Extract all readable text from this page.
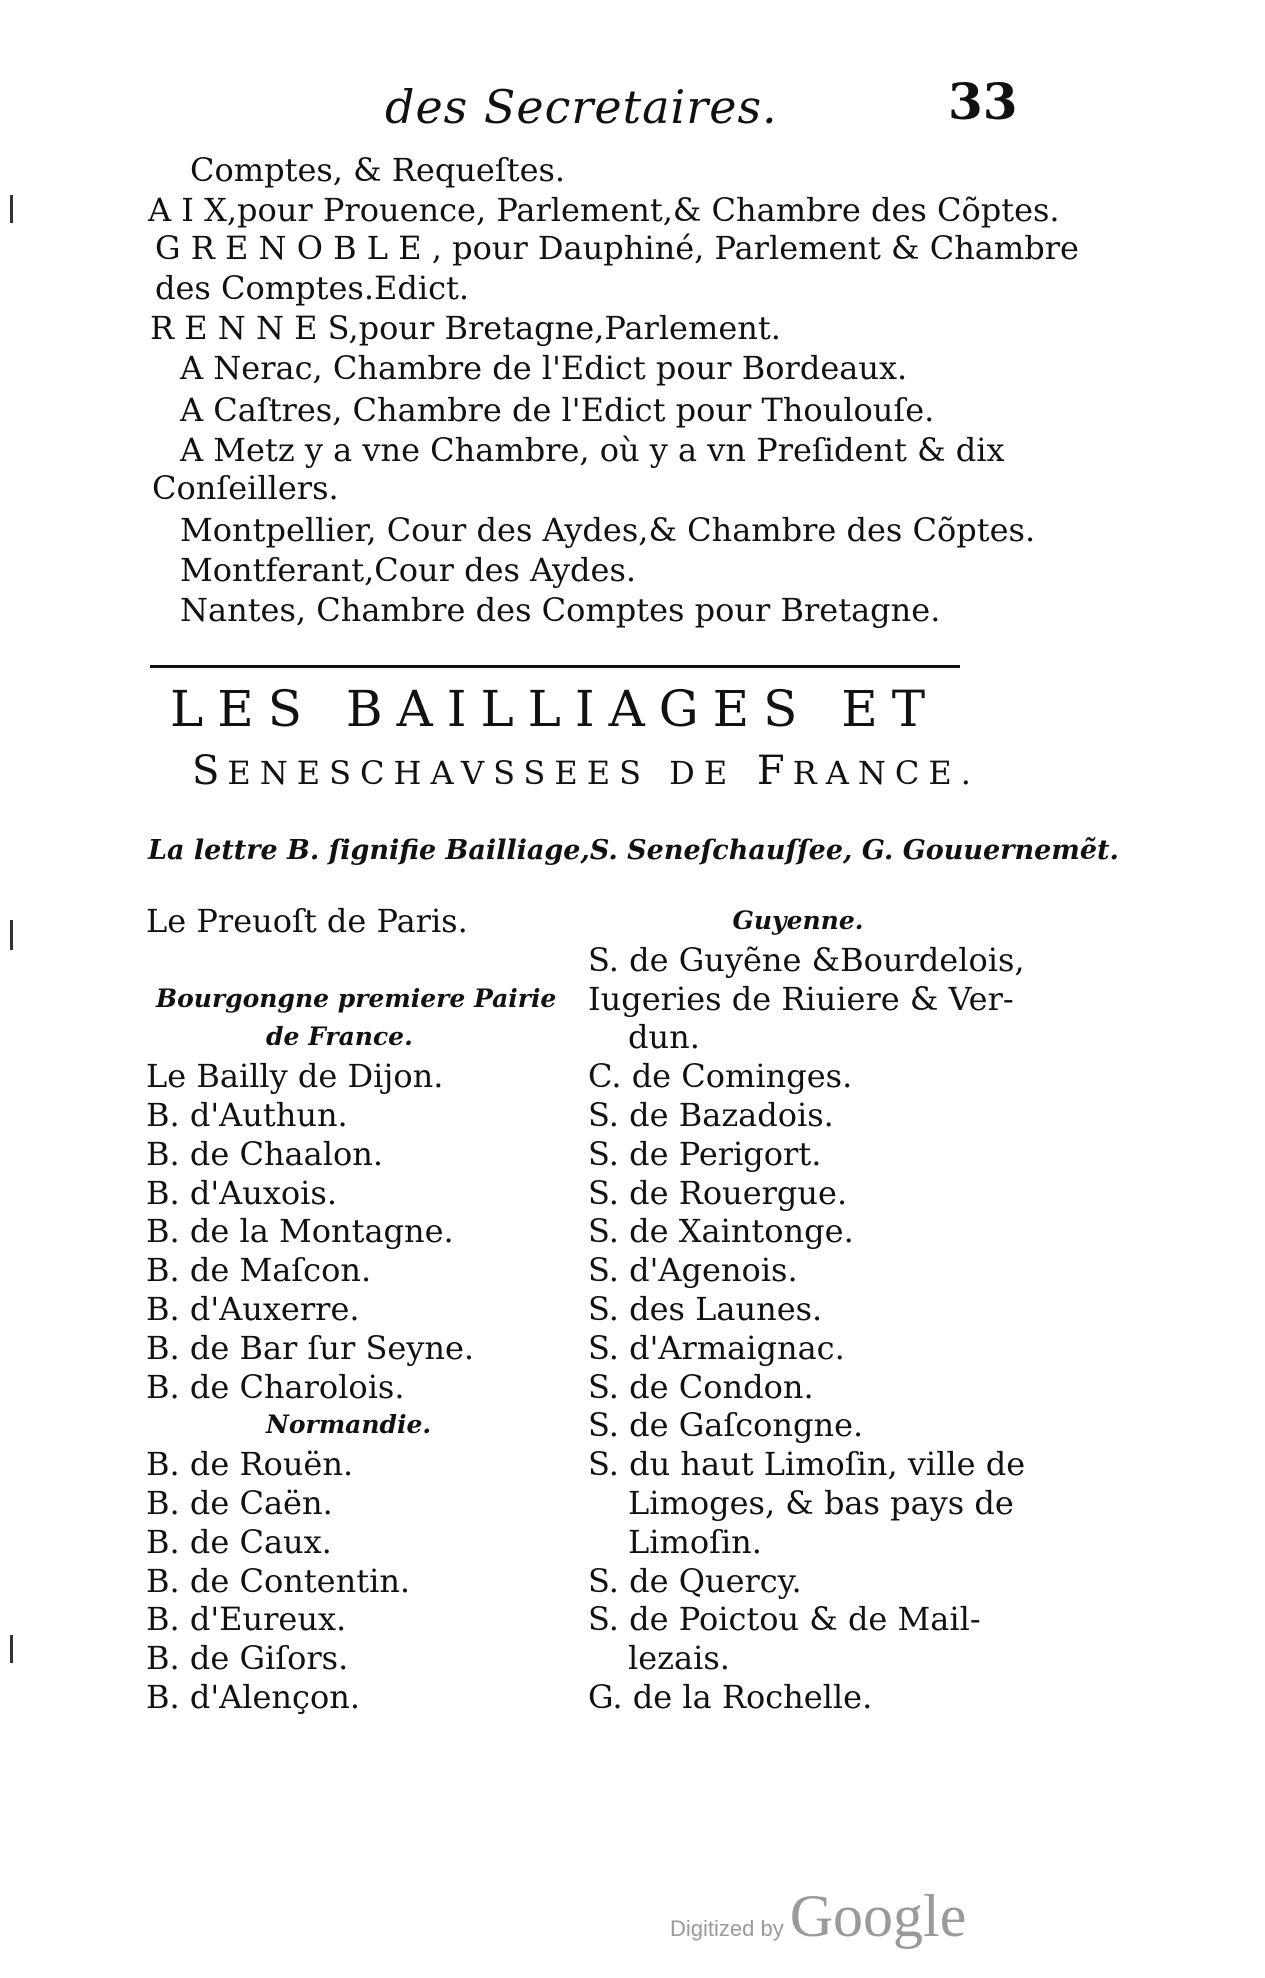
des Secretaires.	33
Comptes, & Requeſtes.
A I X,pour Prouence, Parlement,& Chambre des Cõptes.
G R E N O B L E , pour Dauphiné, Parlement & Chambre
des Comptes.Edict.
R E N N E S,pour Bretagne,Parlement.
A Nerac, Chambre de l'Edict pour Bordeaux.
A Caſtres, Chambre de l'Edict pour Thoulouſe.
A Metz y a vne Chambre, où y a vn Preſident & dix
Conſeillers.
Montpellier, Cour des Aydes,& Chambre des Cõptes.
Montferant,Cour des Aydes.
Nantes, Chambre des Comptes pour Bretagne.
LES BAILLIAGES ET
SENESCHAVSSEES DE FRANCE.
La lettre B. ſignifie Bailliage,S. Seneſchauſſee, G. Gouuernemẽt.
Le Preuoſt de Paris.
Bourgongne premiere Pairie
de France.
Le Bailly de Dijon.
B. d'Authun.
B. de Chaalon.
B. d'Auxois.
B. de la Montagne.
B. de Maſcon.
B. d'Auxerre.
B. de Bar ſur Seyne.
B. de Charolois.
Normandie.
B. de Rouën.
B. de Caën.
B. de Caux.
B. de Contentin.
B. d'Eureux.
B. de Giſors.
B. d'Alençon.
Guyenne.
S. de Guyẽne &Bourdelois,
Iugeries de Riuiere & Ver-
dun.
C. de Cominges.
S. de Bazadois.
S. de Perigort.
S. de Rouergue.
S. de Xaintonge.
S. d'Agenois.
S. des Launes.
S. d'Armaignac.
S. de Condon.
S. de Gaſcongne.
S. du haut Limoſin, ville de
Limoges, & bas pays de
Limoſin.
S. de Quercy.
S. de Poictou & de Mail-
lezais.
G. de la Rochelle.
Digitized by Google
